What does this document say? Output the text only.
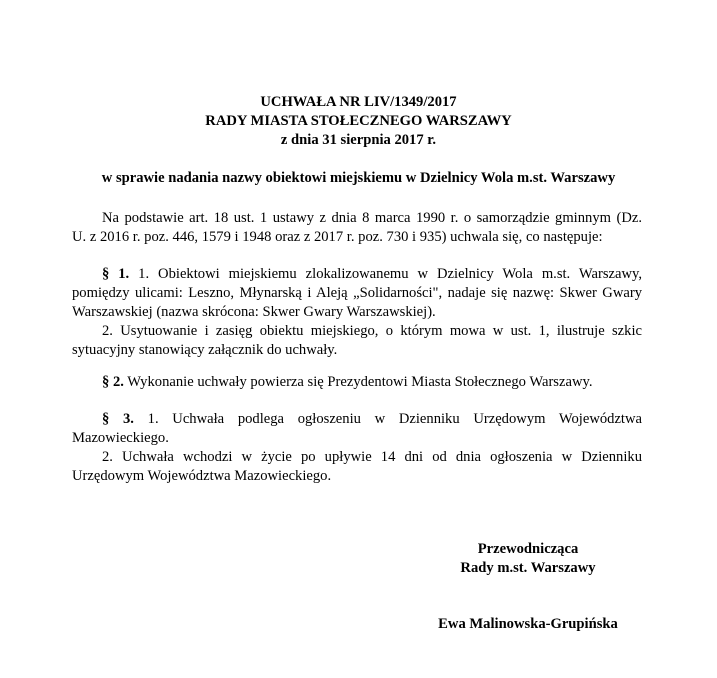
UCHWAŁA NR LIV/1349/2017
RADY MIASTA STOŁECZNEGO WARSZAWY
z dnia 31 sierpnia 2017 r.
w sprawie nadania nazwy obiektowi miejskiemu w Dzielnicy Wola m.st. Warszawy
Na podstawie art. 18 ust. 1 ustawy z dnia 8 marca 1990 r. o samorządzie gminnym (Dz.
U. z 2016 r. poz. 446, 1579 i 1948 oraz z 2017 r. poz. 730 i 935) uchwala się, co następuje:
§ 1. 1. Obiektowi miejskiemu zlokalizowanemu w Dzielnicy Wola m.st. Warszawy,
pomiędzy ulicami: Leszno, Młynarską i Aleją „Solidarności", nadaje się nazwę: Skwer Gwary
Warszawskiej (nazwa skrócona: Skwer Gwary Warszawskiej).
2. Usytuowanie i zasięg obiektu miejskiego, o którym mowa w ust. 1, ilustruje szkic
sytuacyjny stanowiący załącznik do uchwały.
§ 2. Wykonanie uchwały powierza się Prezydentowi Miasta Stołecznego Warszawy.
§ 3. 1. Uchwała podlega ogłoszeniu w Dzienniku Urzędowym Województwa
Mazowieckiego.
2. Uchwała wchodzi w życie po upływie 14 dni od dnia ogłoszenia w Dzienniku
Urzędowym Województwa Mazowieckiego.
Przewodnicząca
Rady m.st. Warszawy
Ewa Malinowska-Grupińska
